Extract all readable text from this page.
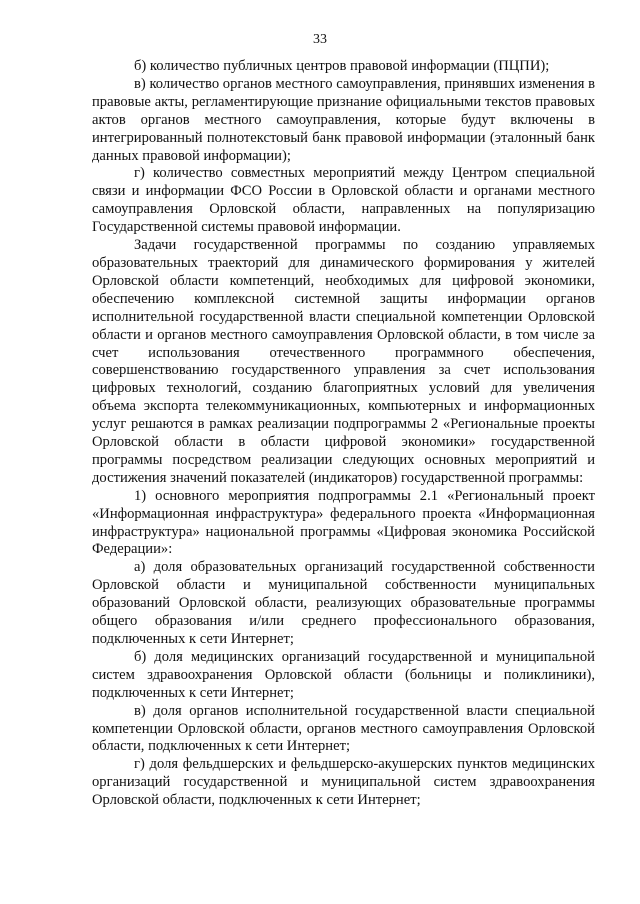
33

б) количество публичных центров правовой информации (ПЦПИ);

в) количество органов местного самоуправления, принявших изменения в правовые акты, регламентирующие признание официальными текстов правовых актов органов местного самоуправления, которые будут включены в интегрированный полнотекстовый банк правовой информации (эталонный банк данных правовой информации);

г) количество совместных мероприятий между Центром специальной связи и информации ФСО России в Орловской области и органами местного самоуправления Орловской области, направленных на популяризацию Государственной системы правовой информации.

Задачи государственной программы по созданию управляемых образовательных траекторий для динамического формирования у жителей Орловской области компетенций, необходимых для цифровой экономики, обеспечению комплексной системной защиты информации органов исполнительной государственной власти специальной компетенции Орловской области и органов местного самоуправления Орловской области, в том числе за счет использования отечественного программного обеспечения, совершенствованию государственного управления за счет использования цифровых технологий, созданию благоприятных условий для увеличения объема экспорта телекоммуникационных, компьютерных и информационных услуг решаются в рамках реализации подпрограммы 2 «Региональные проекты Орловской области в области цифровой экономики» государственной программы посредством реализации следующих основных мероприятий и достижения значений показателей (индикаторов) государственной программы:

1) основного мероприятия подпрограммы 2.1 «Региональный проект «Информационная инфраструктура» федерального проекта «Информационная инфраструктура» национальной программы «Цифровая экономика Российской Федерации»:

а) доля образовательных организаций государственной собственности Орловской области и муниципальной собственности муниципальных образований Орловской области, реализующих образовательные программы общего образования и/или среднего профессионального образования, подключенных к сети Интернет;

б) доля медицинских организаций государственной и муниципальной систем здравоохранения Орловской области (больницы и поликлиники), подключенных к сети Интернет;

в) доля органов исполнительной государственной власти специальной компетенции Орловской области, органов местного самоуправления Орловской области, подключенных к сети Интернет;

г) доля фельдшерских и фельдшерско-акушерских пунктов медицинских организаций государственной и муниципальной систем здравоохранения Орловской области, подключенных к сети Интернет;
